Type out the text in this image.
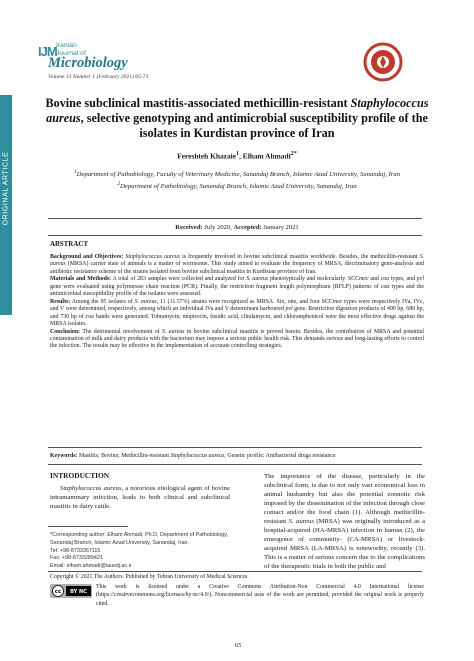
IJM Iranian
Journal of
Microbiology
Volume 13 Number 1 (February 2021) 65-73
ORIGINAL ARTICLE
Bovine subclinical mastitis-associated methicillin-resistant Staphylococcus aureus, selective genotyping and antimicrobial susceptibility profile of the isolates in Kurdistan province of Iran
Fereshteh Khazaie$^1$, Elham Ahmadi$^{2*}$
$^1$Department of Pathobiology, Faculty of Veterinary Medicine, Sanandaj Branch, Islamic Azad University, Sanandaj, Iran
$^2$Department of Pathobiology, Sanandaj Branch, Islamic Azad University, Sanandaj, Iran
Received: July 2020, Accepted: January 2021
ABSTRACT
Background and Objectives: Staphylococcus aureus is frequently involved in bovine subclinical mastitis worldwide. Besides, the methicillin-resistant S. aureus (MRSA) carrier state of animals is a matter of worrisome. This study aimed to evaluate the frequency of MRSA, discriminatory geno-analysis and antibiotic resistance scheme of the strains isolated from bovine subclinical mastitis in Kurdistan province of Iran.
Materials and Methods: A total of 283 samples were collected and analyzed for S. aureus phenotypically and molecularly. SCCmec and coa types, and pvl gene were evaluated using polymerase chain reaction (PCR). Finally, the restriction fragment length polymorphism (RFLP) patterns of coa types and the antimicrobial susceptibility profile of the isolates were assessed.
Results: Among the 95 isolates of S. aureus, 11 (11.57%) strains were recognized as MRSA. Six, one, and four SCCmec types were respectively IVa, IVc, and V were determined, respectively, among which an individual IVa and V determinant harboured pvl gene. Restriction digestion products of 490 bp, 680 bp, and 730 bp of coa bands were generated. Tobramycin, mupirocin, fusidic acid, clindamycin, and chloramphenicol were the most effective drugs against the MRSA isolates.
Conclusion: The detrimental involvement of S. aureus in bovine subclinical mastitis is proved herein. Besides, the contribution of MRSA and potential contamination of milk and dairy products with the bacterium may impose a serious public health risk. This demands serious and long-lasting efforts to control the infection. The results may be effective in the implementation of accurate controlling strategies.
Keywords: Mastitis; Bovine; Methicillin-resistant Staphylococcus aureus, Genetic profile; Antibacterial drugs resistance
INTRODUCTION
Staphylococcus aureus, a notorious etiological agent of bovine intramammary infection, leads to both clinical and subclinical mastitis in dairy cattle.
*Corresponding author: Elham Ahmadi, Ph.D, Department of Pathobiology, Sanandaj Branch, Islamic Azad University, Sanandaj, Iran.
Tel: +98-8733367115
Fax: +98-8733289421
Email: elham.ahmadi@iausdj.ac.ir
The importance of the disease, particularly in the subclinical form, is due to not only vast economical loss in animal husbandry but also the potential zoonotic risk imposed by the dissemination of the infection through close contact and/or the food chain (1). Although methicillin-resistant S. aureus (MRSA) was originally introduced as a hospital-acquired (HA-MRSA) infection in human (2), the emergence of community- (CA-MRSA) or livestock-acquired MRSA (LA-MRSA) is noteworthy, recently (3). This is a matter of serious concern due to the complications of the therapeutic trials in both the public and
Copyright © 2021 The Authors. Published by Tehran University of Medical Sciences.
cc BY NC
This work is licensed under a Creative Commons Attribution-Non Commercial 4.0 International license (https://creativecommons.org/licenses/by-nc/4.0/). Noncommercial uses of the work are permitted, provided the original work is properly cited.
65
